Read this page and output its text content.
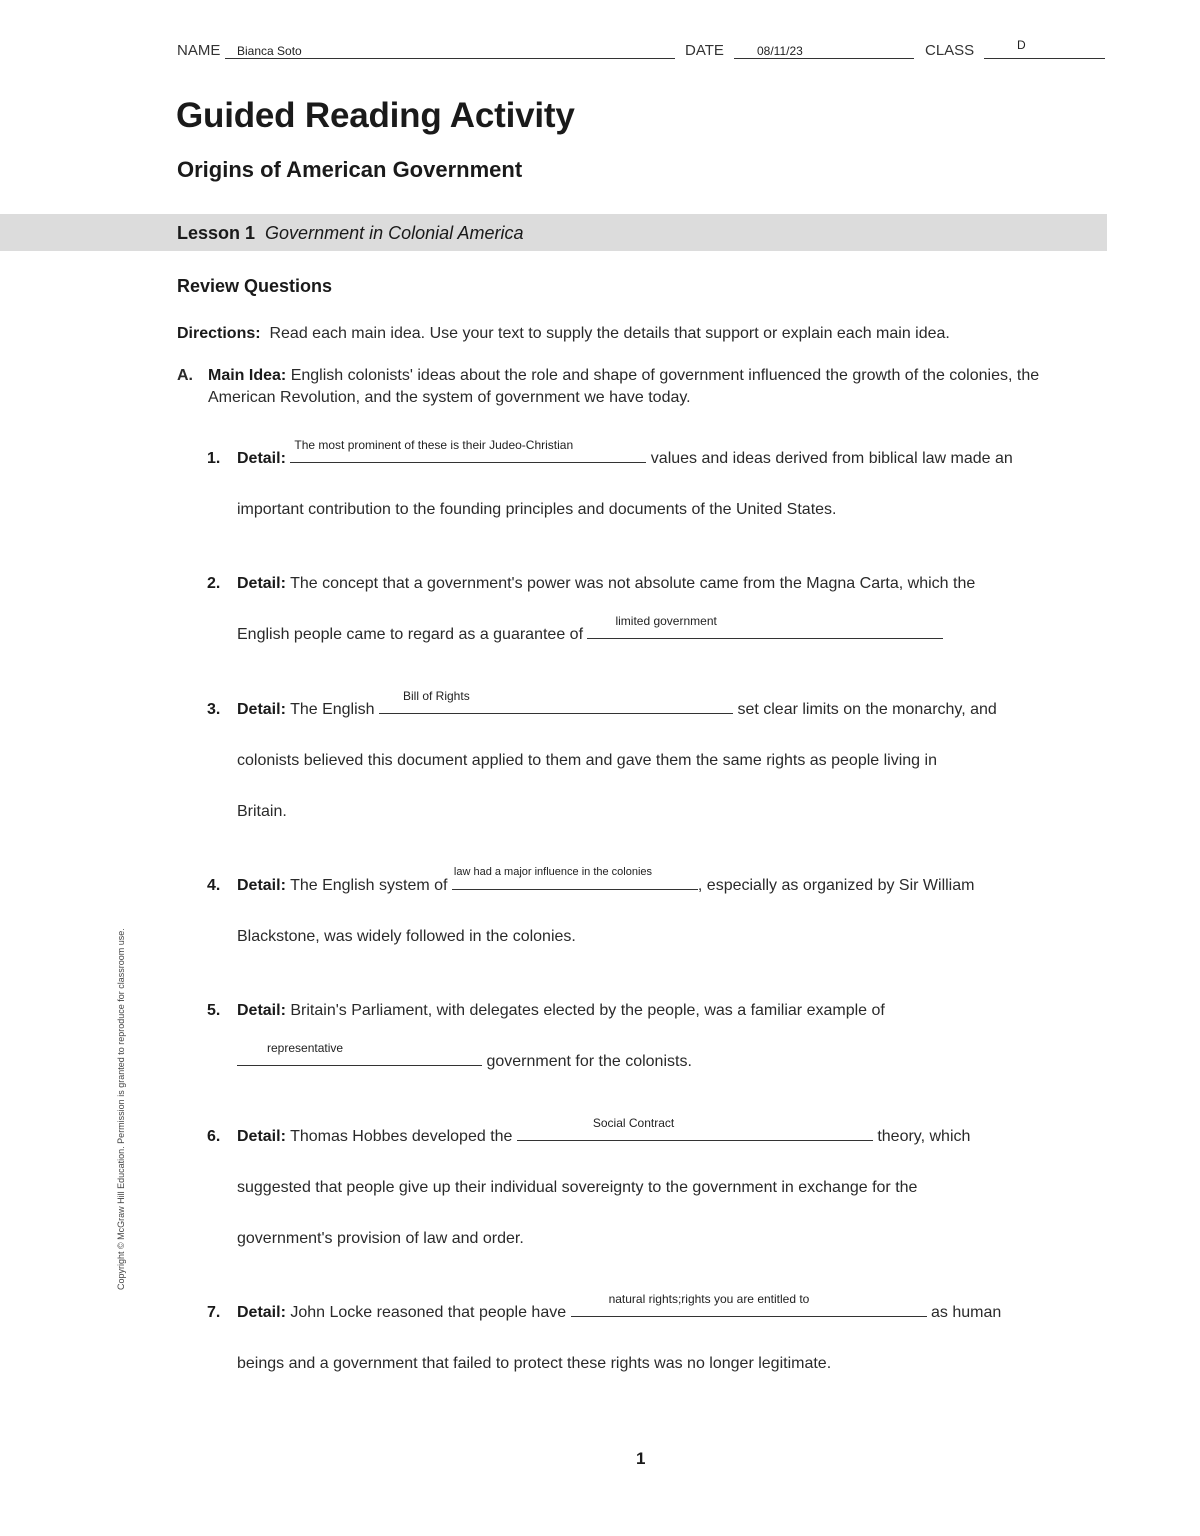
NAME Bianca Soto	DATE	08/11/23	CLASS	D
Guided Reading Activity
Origins of American Government
Lesson 1 Government in Colonial America
Review Questions
Directions: Read each main idea. Use your text to supply the details that support or explain each main idea.
A. Main Idea: English colonists' ideas about the role and shape of government influenced the growth of the colonies, the American Revolution, and the system of government we have today.
1. Detail:
The most prominent of these is their Judeo-Christian
values and ideas derived from biblical law made an
important contribution to the founding principles and documents of the United States.
2. Detail: The concept that a government's power was not absolute came from the Magna Carta, which the
English people came to regard as a guarantee of
limited government
3. Detail: The English
Bill of Rights
set clear limits on the monarchy, and
colonists believed this document applied to them and gave them the same rights as people living in
Britain.
4. Detail: The English system of
law had a major influence in the colonies
, especially as organized by Sir William
Blackstone, was widely followed in the colonies.
5. Detail: Britain's Parliament, with delegates elected by the people, was a familiar example of

representative
government for the colonists.
6. Detail: Thomas Hobbes developed the
Social Contract
theory, which
suggested that people give up their individual sovereignty to the government in exchange for the
government's provision of law and order.
7. Detail: John Locke reasoned that people have
natural rights;rights you are entitled to
as human
beings and a government that failed to protect these rights was no longer legitimate.
Copyright © McGraw Hill Education. Permission is granted to reproduce for classroom use.
1
